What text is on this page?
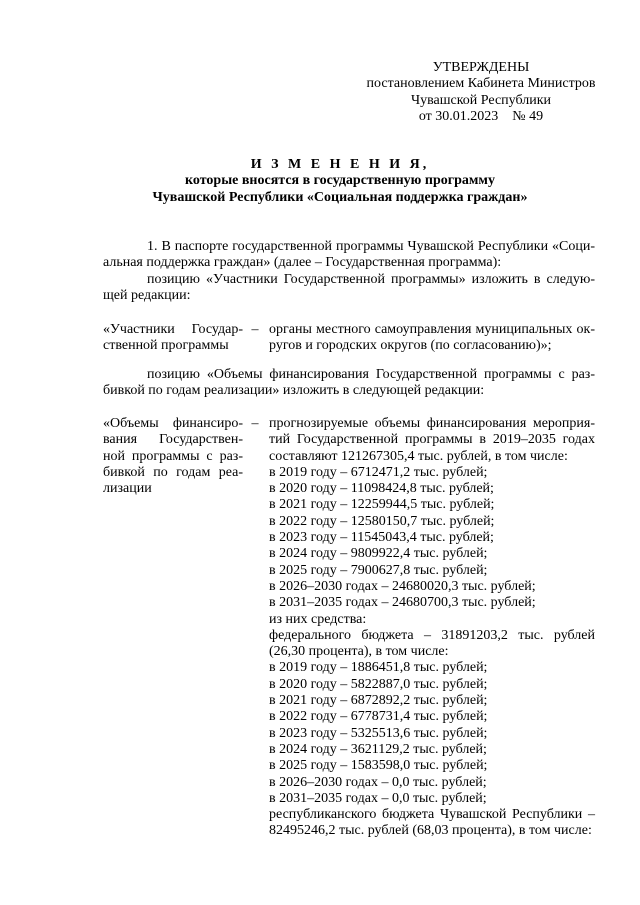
УТВЕРЖДЕНЫ
постановлением Кабинета Министров
Чувашской Республики
от 30.01.2023    № 49
И З М Е Н Е Н И Я,
которые вносятся в государственную программу
Чувашской Республики «Социальная поддержка граждан»
1. В паспорте государственной программы Чувашской Республики «Соци-
альная поддержка граждан» (далее – Государственная программа):
позицию «Участники Государственной программы» изложить в следую-
щей редакции:
«Участники Государ-
ственной программы
– органы местного самоуправления муниципальных ок-
ругов и городских округов (по согласованию)»;
позицию «Объемы финансирования Государственной программы с раз-
бивкой по годам реализации» изложить в следующей редакции:
«Объемы финансиро-
вания Государствен-
ной программы с раз-
бивкой по годам реа-
лизации
– прогнозируемые объемы финансирования мероприя-
тий Государственной программы в 2019–2035 годах
составляют 121267305,4 тыс. рублей, в том числе:
в 2019 году – 6712471,2 тыс. рублей;
в 2020 году – 11098424,8 тыс. рублей;
в 2021 году – 12259944,5 тыс. рублей;
в 2022 году – 12580150,7 тыс. рублей;
в 2023 году – 11545043,4 тыс. рублей;
в 2024 году – 9809922,4 тыс. рублей;
в 2025 году – 7900627,8 тыс. рублей;
в 2026–2030 годах – 24680020,3 тыс. рублей;
в 2031–2035 годах – 24680700,3 тыс. рублей;
из них средства:
федерального бюджета – 31891203,2 тыс. рублей
(26,30 процента), в том числе:
в 2019 году – 1886451,8 тыс. рублей;
в 2020 году – 5822887,0 тыс. рублей;
в 2021 году – 6872892,2 тыс. рублей;
в 2022 году – 6778731,4 тыс. рублей;
в 2023 году – 5325513,6 тыс. рублей;
в 2024 году – 3621129,2 тыс. рублей;
в 2025 году – 1583598,0 тыс. рублей;
в 2026–2030 годах – 0,0 тыс. рублей;
в 2031–2035 годах – 0,0 тыс. рублей;
республиканского бюджета Чувашской Республики –
82495246,2 тыс. рублей (68,03 процента), в том числе:
